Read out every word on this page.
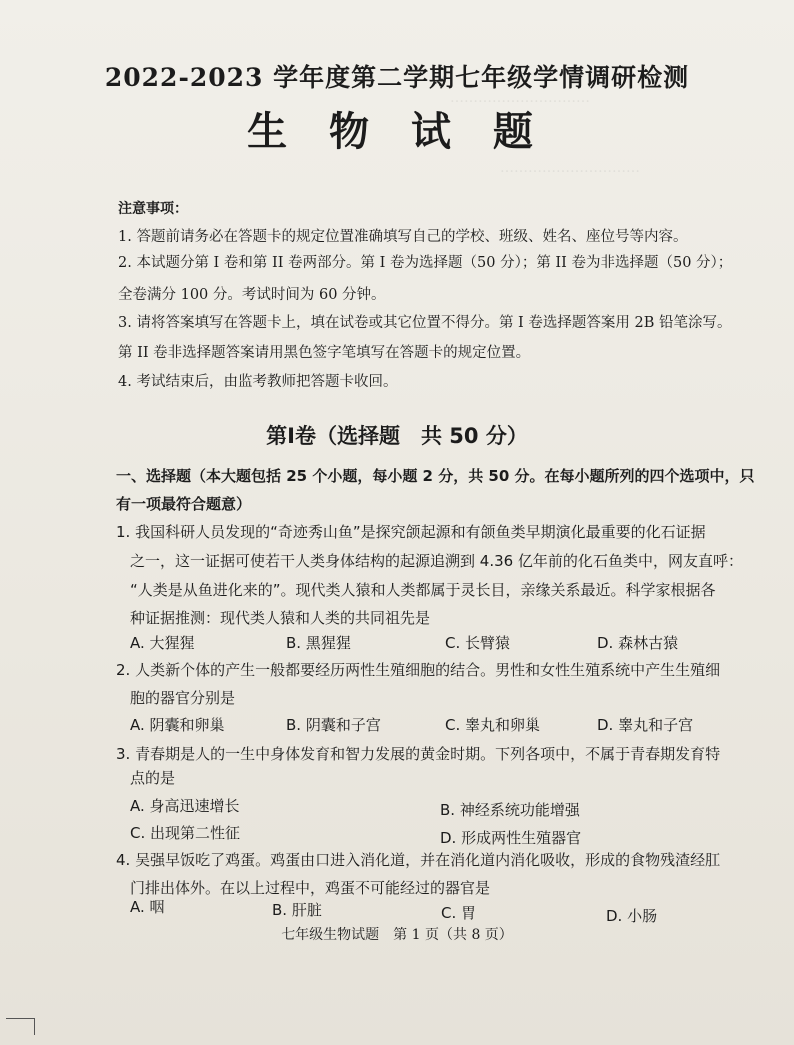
…………………………
…………………………
2022-2023 学年度第二学期七年级学情调研检测
生 物 试 题
注意事项：
1. 答题前请务必在答题卡的规定位置准确填写自己的学校、班级、姓名、座位号等内容。
2. 本试题分第 I 卷和第 II 卷两部分。第 I 卷为选择题（50 分）；第 II 卷为非选择题（50 分）；
全卷满分 100 分。考试时间为 60 分钟。
3. 请将答案填写在答题卡上，填在试卷或其它位置不得分。第 I 卷选择题答案用 2B 铅笔涂写。
第 II 卷非选择题答案请用黑色签字笔填写在答题卡的规定位置。
4. 考试结束后，由监考教师把答题卡收回。
第Ⅰ卷（选择题　共 50 分）
一、选择题（本大题包括 25 个小题，每小题 2 分，共 50 分。在每小题所列的四个选项中，只
有一项最符合题意）
1. 我国科研人员发现的“奇迹秀山鱼”是探究颌起源和有颌鱼类早期演化最重要的化石证据
之一，这一证据可使若干人类身体结构的起源追溯到 4.36 亿年前的化石鱼类中，网友直呼：
“人类是从鱼进化来的”。现代类人猿和人类都属于灵长目，亲缘关系最近。科学家根据各
种证据推测：现代类人猿和人类的共同祖先是
A. 大猩猩	B. 黑猩猩	C. 长臂猿	D. 森林古猿
2. 人类新个体的产生一般都要经历两性生殖细胞的结合。男性和女性生殖系统中产生生殖细
胞的器官分别是
A. 阴囊和卵巢	B. 阴囊和子宫	C. 睾丸和卵巢	D. 睾丸和子宫
3. 青春期是人的一生中身体发育和智力发展的黄金时期。下列各项中，不属于青春期发育特
点的是
A. 身高迅速增长	B. 神经系统功能增强
C. 出现第二性征	D. 形成两性生殖器官
4. 吴强早饭吃了鸡蛋。鸡蛋由口进入消化道，并在消化道内消化吸收，形成的食物残渣经肛
门排出体外。在以上过程中，鸡蛋不可能经过的器官是
A. 咽	B. 肝脏	C. 胃	D. 小肠
七年级生物试题　第 1 页（共 8 页）
